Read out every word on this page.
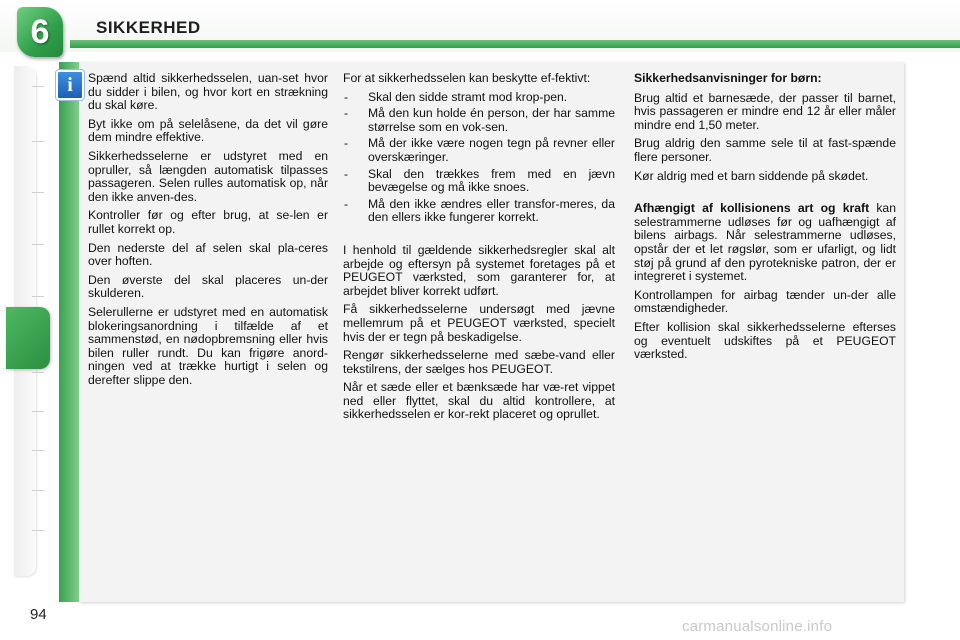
6	SIKKERHED
i	Spænd altid sikkerhedsselen, uan-set hvor du sidder i bilen, og hvor kort en strækning du skal køre.

Byt ikke om på selelåsene, da det vil gøre dem mindre effektive.

Sikkerhedsselerne er udstyret med en opruller, så længden automatisk tilpasses passageren. Selen rulles automatisk op, når den ikke anven-des.

Kontroller før og efter brug, at se-len er rullet korrekt op.

Den nederste del af selen skal pla-ceres over hoften.

Den øverste del skal placeres un-der skulderen.

Selerullerne er udstyret med en automatisk blokeringsanordning i tilfælde af et sammenstød, en nødopbremsning eller hvis bilen ruller rundt. Du kan frigøre anord-ningen ved at trække hurtigt i selen og derefter slippe den.

For at sikkerhedsselen kan beskytte ef-fektivt:

- Skal den sidde stramt mod krop-pen.
- Må den kun holde én person, der har samme størrelse som en vok-sen.
- Må der ikke være nogen tegn på revner eller overskæringer.
- Skal den trækkes frem med en jævn bevægelse og må ikke snoes.
- Må den ikke ændres eller transfor-meres, da den ellers ikke fungerer korrekt.

I henhold til gældende sikkerhedsregler skal alt arbejde og eftersyn på systemet foretages på et PEUGEOT værksted, som garanterer for, at arbejdet bliver korrekt udført.

Få sikkerhedsselerne undersøgt med jævne mellemrum på et PEUGEOT værksted, specielt hvis der er tegn på beskadigelse.

Rengør sikkerhedsselerne med sæbe-vand eller tekstilrens, der sælges hos PEUGEOT.

Når et sæde eller et bænksæde har væ-ret vippet ned eller flyttet, skal du altid kontrollere, at sikkerhedsselen er kor-rekt placeret og oprullet.

Sikkerhedsanvisninger for børn:

Brug altid et barnesæde, der passer til barnet, hvis passageren er mindre end 12 år eller måler mindre end 1,50 meter.

Brug aldrig den samme sele til at fast-spænde flere personer.

Kør aldrig med et barn siddende på skødet.

Afhængigt af kollisionens art og kraft kan selestrammerne udløses før og uafhængigt af bilens airbags. Når selestrammerne udløses, opstår der et let røgslør, som er ufarligt, og lidt støj på grund af den pyrotekniske patron, der er integreret i systemet.

Kontrollampen for airbag tænder un-der alle omstændigheder.

Efter kollision skal sikkerhedsselerne efterses og eventuelt udskiftes på et PEUGEOT værksted.

94
carmanualsonline.info
